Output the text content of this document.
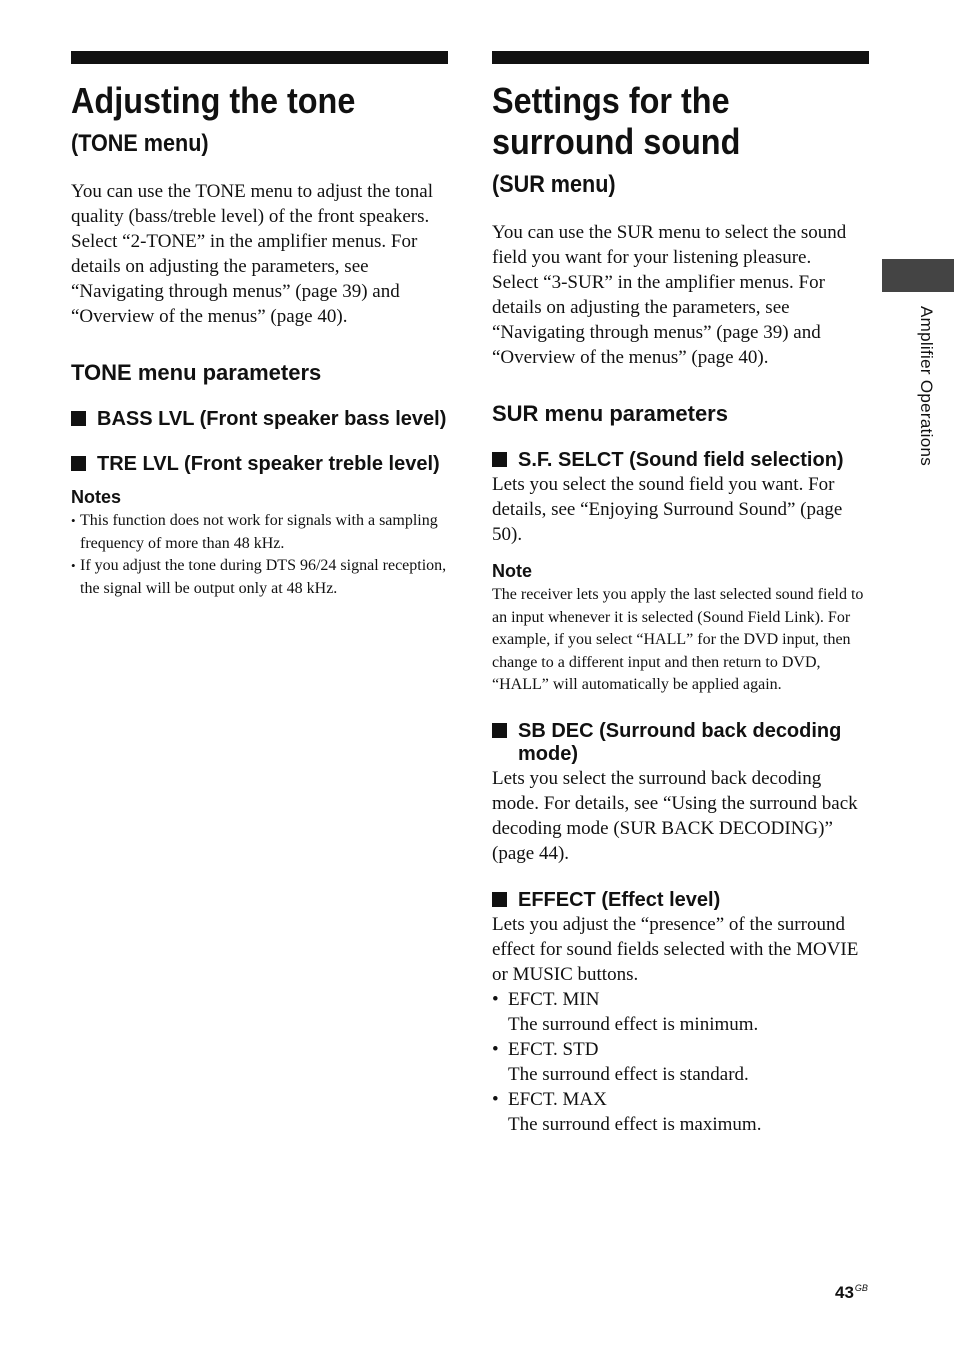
Adjusting the tone
(TONE menu)

You can use the TONE menu to adjust the tonal quality (bass/treble level) of the front speakers.

Select “2-TONE” in the amplifier menus. For details on adjusting the parameters, see “Navigating through menus” (page 39) and “Overview of the menus” (page 40).

TONE menu parameters
BASS LVL (Front speaker bass level)
TRE LVL (Front speaker treble level)
Notes
• This function does not work for signals with a sampling frequency of more than 48 kHz.
• If you adjust the tone during DTS 96/24 signal reception, the signal will be output only at 48 kHz.
Settings for the surround sound
(SUR menu)

You can use the SUR menu to select the sound field you want for your listening pleasure.

Select “3-SUR” in the amplifier menus. For details on adjusting the parameters, see “Navigating through menus” (page 39) and “Overview of the menus” (page 40).

SUR menu parameters
S.F. SELCT (Sound field selection)

Lets you select the sound field you want. For details, see “Enjoying Surround Sound” (page 50).

Note

The receiver lets you apply the last selected sound field to an input whenever it is selected (Sound Field Link). For example, if you select “HALL” for the DVD input, then change to a different input and then return to DVD, “HALL” will automatically be applied again.

SB DEC (Surround back decoding mode)

Lets you select the surround back decoding mode. For details, see “Using the surround back decoding mode (SUR BACK DECODING)” (page 44).

EFFECT (Effect level)

Lets you adjust the “presence” of the surround effect for sound fields selected with the MOVIE or MUSIC buttons.

• EFCT. MIN
The surround effect is minimum.
• EFCT. STD
The surround effect is standard.
• EFCT. MAX
The surround effect is maximum.
Amplifier Operations
$43^{GB}$
